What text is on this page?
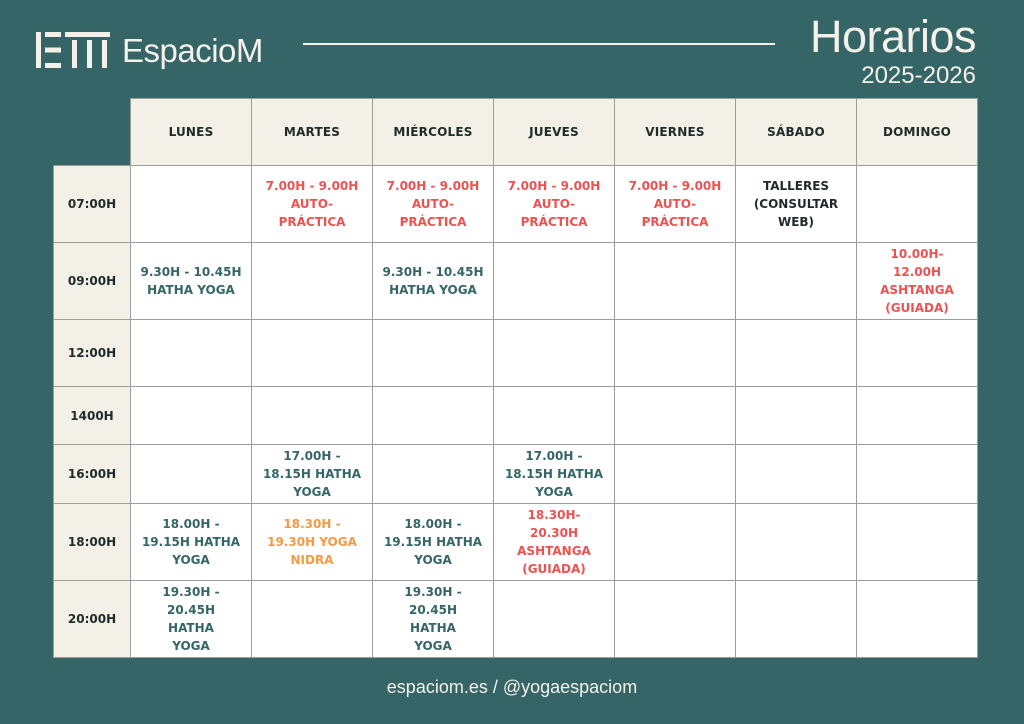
EspacioM	Horarios
2025-2026
	LUNES	MARTES	MIÉRCOLES	JUEVES	VIERNES	SÁBADO	DOMINGO
07:00H		7.00H - 9.00H AUTO-PRÁCTICA	7.00H - 9.00H AUTO-PRÁCTICA	7.00H - 9.00H AUTO-PRÁCTICA	7.00H - 9.00H AUTO-PRÁCTICA	TALLERES (CONSULTAR WEB)	

09:00H	9.30H - 10.45H HATHA YOGA		9.30H - 10.45H HATHA YOGA				10.00H- 12.00H ASHTANGA (GUIADA)

12:00H							
1400H							
16:00H		17.00H - 18.15H HATHA YOGA		17.00H - 18.15H HATHA YOGA			

18:00H	18.00H - 19.15H HATHA YOGA	18.30H - 19.30H YOGA NIDRA	18.00H - 19.15H HATHA YOGA	18.30H- 20.30H ASHTANGA (GUIADA)			

20:00H	19.30H - 20.45H HATHA YOGA		19.30H - 20.45H HATHA YOGA				

espaciom.es / @yogaespaciom
